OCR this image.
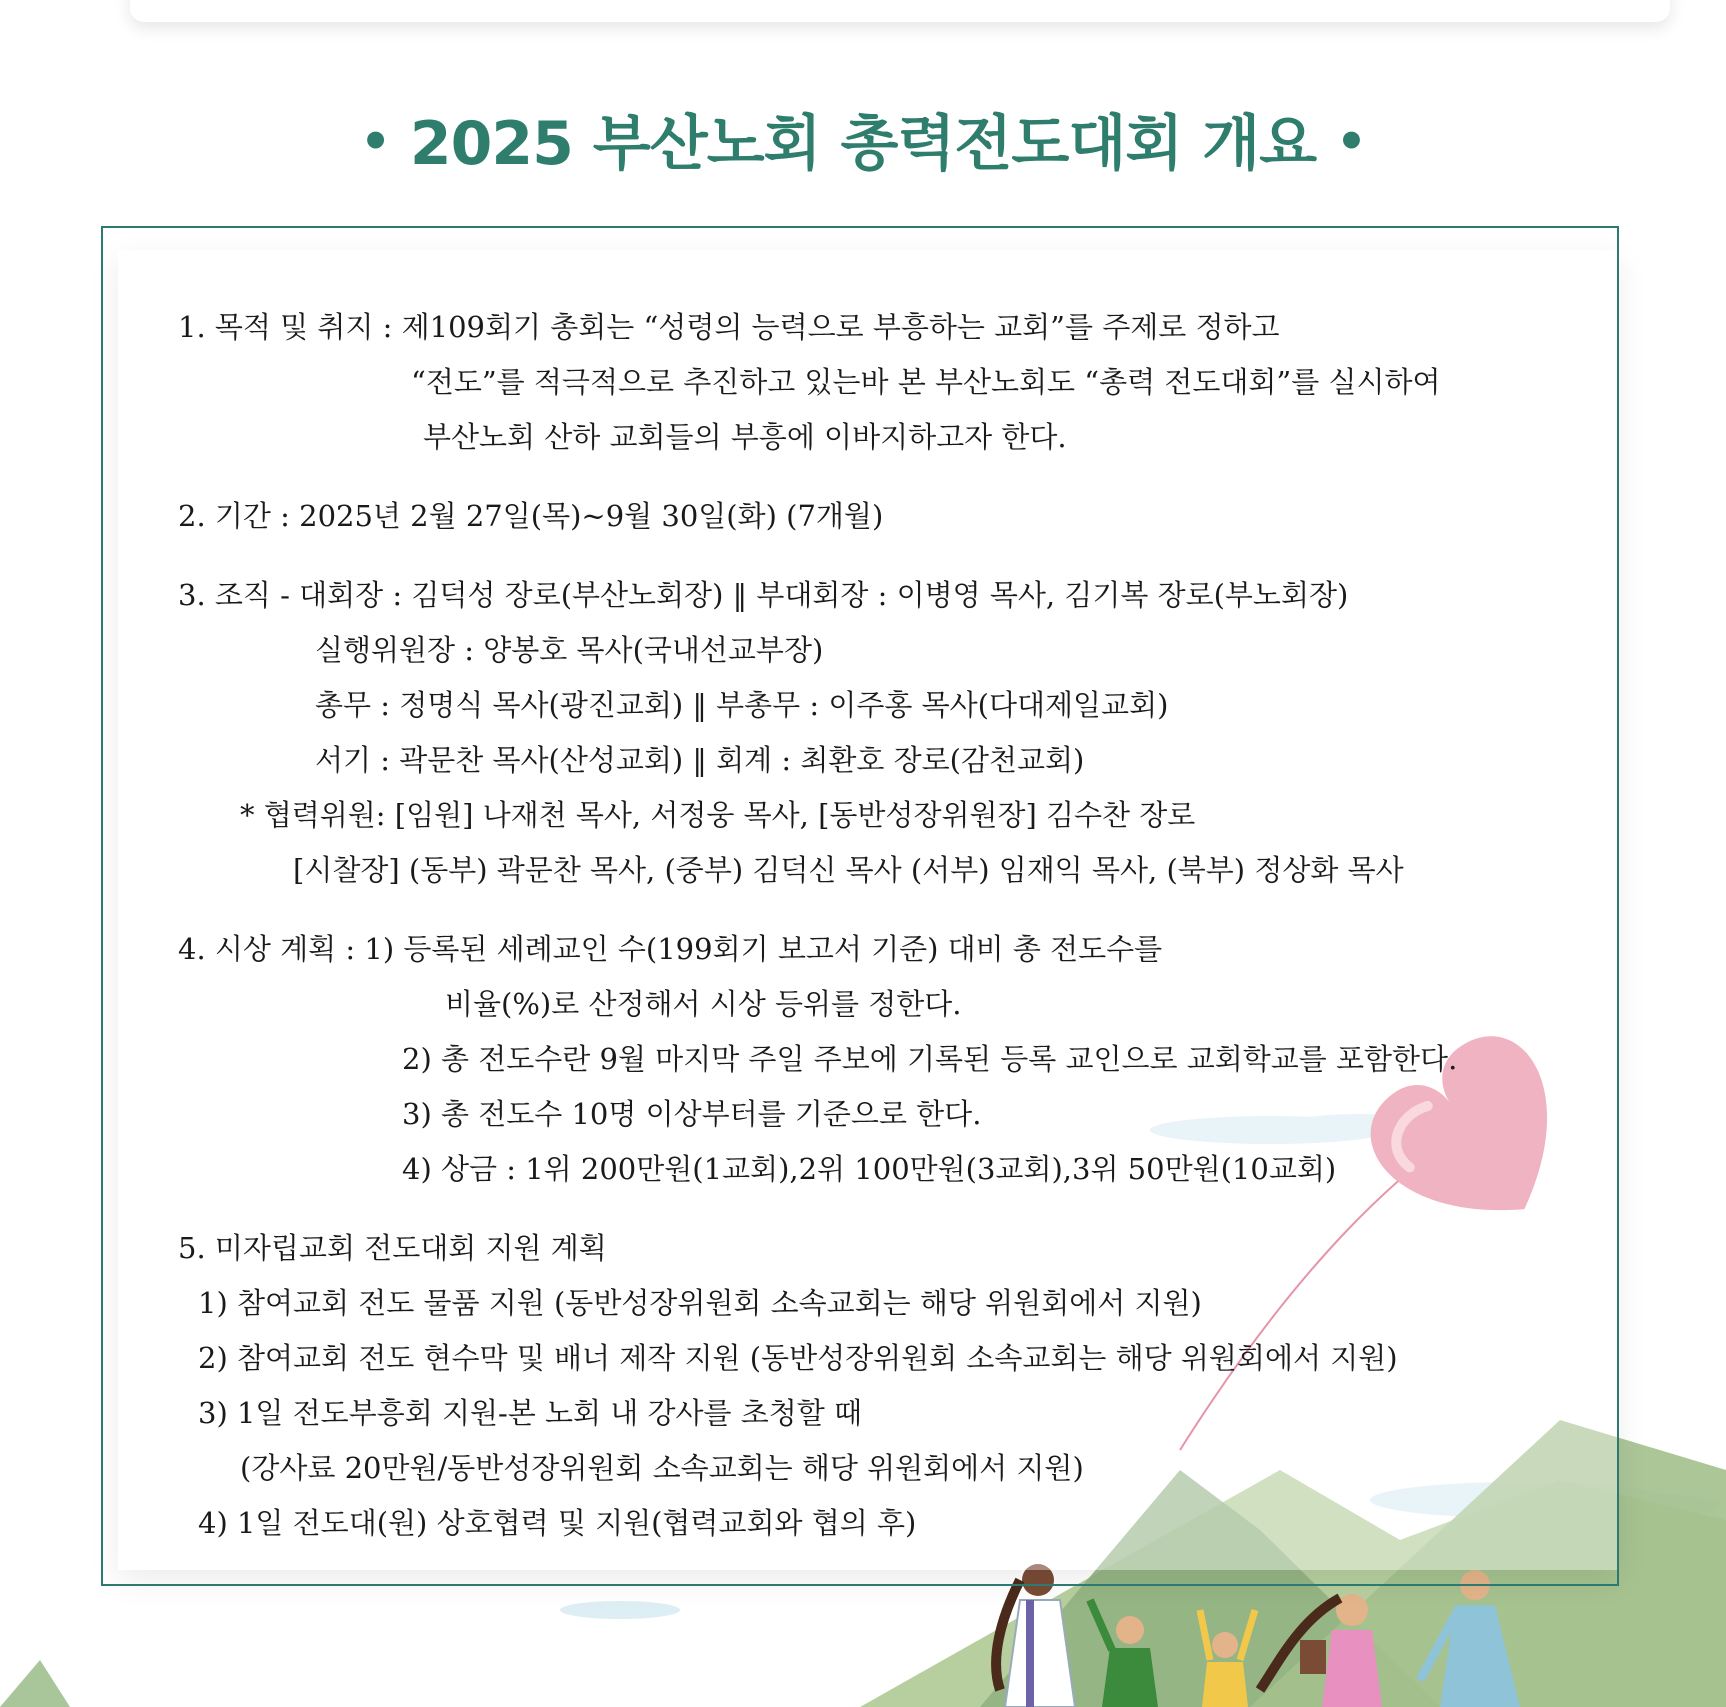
• 2025 부산노회 총력전도대회 개요 •
1. 목적 및 취지 : 제109회기 총회는 “성령의 능력으로 부흥하는 교회”를 주제로 정하고
“전도”를 적극적으로 추진하고 있는바 본 부산노회도 “총력 전도대회”를 실시하여
부산노회 산하 교회들의 부흥에 이바지하고자 한다.
2. 기간 : 2025년 2월 27일(목)~9월 30일(화) (7개월)
3. 조직 - 대회장 : 김덕성 장로(부산노회장) ‖ 부대회장 : 이병영 목사, 김기복 장로(부노회장)
실행위원장 : 양봉호 목사(국내선교부장)
총무 : 정명식 목사(광진교회) ‖ 부총무 : 이주홍 목사(다대제일교회)
서기 : 곽문찬 목사(산성교회) ‖ 회계 : 최환호 장로(감천교회)
* 협력위원: [임원] 나재천 목사, 서정웅 목사, [동반성장위원장] 김수찬 장로
[시찰장] (동부) 곽문찬 목사, (중부) 김덕신 목사 (서부) 임재익 목사, (북부) 정상화 목사
4. 시상 계획 : 1) 등록된 세례교인 수(199회기 보고서 기준) 대비 총 전도수를
비율(%)로 산정해서 시상 등위를 정한다.
2) 총 전도수란 9월 마지막 주일 주보에 기록된 등록 교인으로 교회학교를 포함한다.
3) 총 전도수 10명 이상부터를 기준으로 한다.
4) 상금 : 1위 200만원(1교회),2위 100만원(3교회),3위 50만원(10교회)
5. 미자립교회 전도대회 지원 계획
1) 참여교회 전도 물품 지원 (동반성장위원회 소속교회는 해당 위원회에서 지원)
2) 참여교회 전도 현수막 및 배너 제작 지원 (동반성장위원회 소속교회는 해당 위원회에서 지원)
3) 1일 전도부흥회 지원-본 노회 내 강사를 초청할 때
(강사료 20만원/동반성장위원회 소속교회는 해당 위원회에서 지원)
4) 1일 전도대(원) 상호협력 및 지원(협력교회와 협의 후)
